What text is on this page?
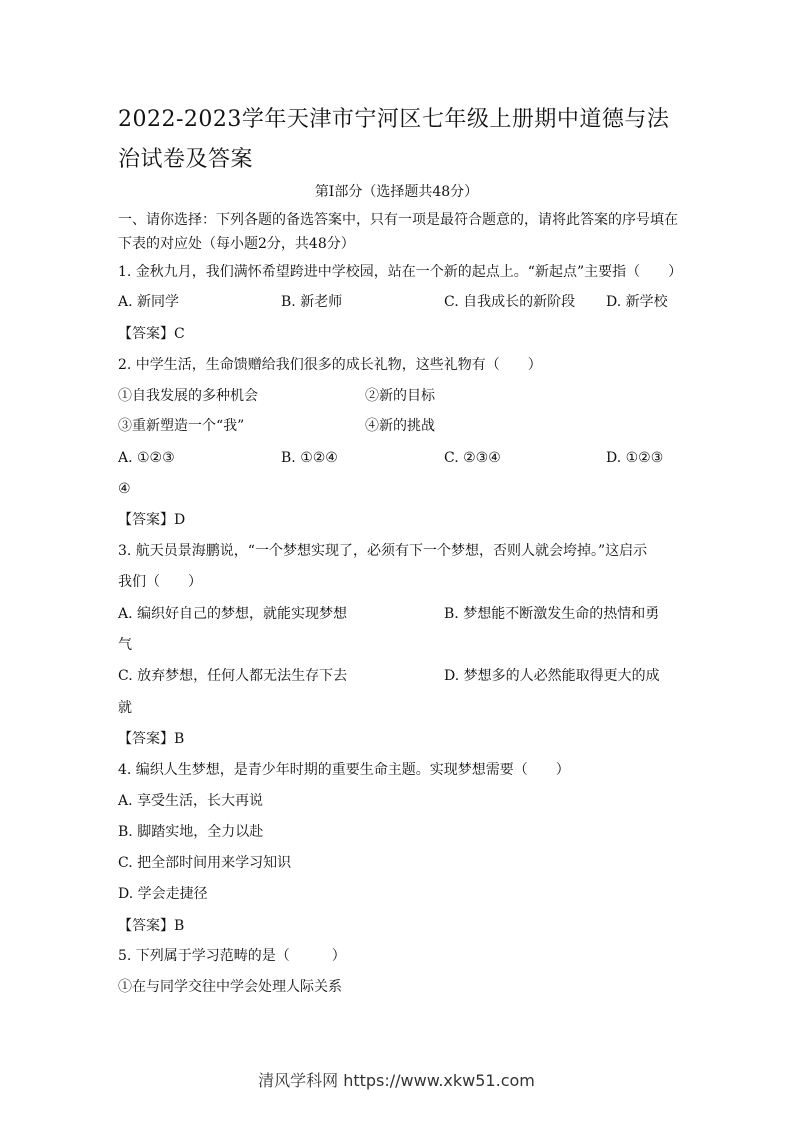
2022-2023学年天津市宁河区七年级上册期中道德与法治试卷及答案
第Ⅰ部分（选择题共48分）
一、请你选择：下列各题的备选答案中，只有一项是最符合题意的，请将此答案的序号填在
下表的对应处（每小题2分，共48分）
1. 金秋九月，我们满怀希望跨进中学校园，站在一个新的起点上。“新起点”主要指（　　）
A. 新同学	B. 新老师	C. 自我成长的新阶段 D. 新学校
【答案】C
2. 中学生活，生命馈赠给我们很多的成长礼物，这些礼物有（　　）
①自我发展的多种机会	②新的目标
③重新塑造一个“我”	④新的挑战
A. ①②③	B. ①②④	C. ②③④	D. ①②③
④
【答案】D
3. 航天员景海鹏说，“一个梦想实现了，必须有下一个梦想，否则人就会垮掉。”这启示
我们（　　）
A. 编织好自己的梦想，就能实现梦想	B. 梦想能不断激发生命的热情和勇
气
C. 放弃梦想，任何人都无法生存下去	D. 梦想多的人必然能取得更大的成
就
【答案】B
4. 编织人生梦想，是青少年时期的重要生命主题。实现梦想需要（　　）
A. 享受生活，长大再说
B. 脚踏实地，全力以赴
C. 把全部时间用来学习知识
D. 学会走捷径
【答案】B
5. 下列属于学习范畴的是（　　　）
①在与同学交往中学会处理人际关系
清风学科网 https://www.xkw51.com
